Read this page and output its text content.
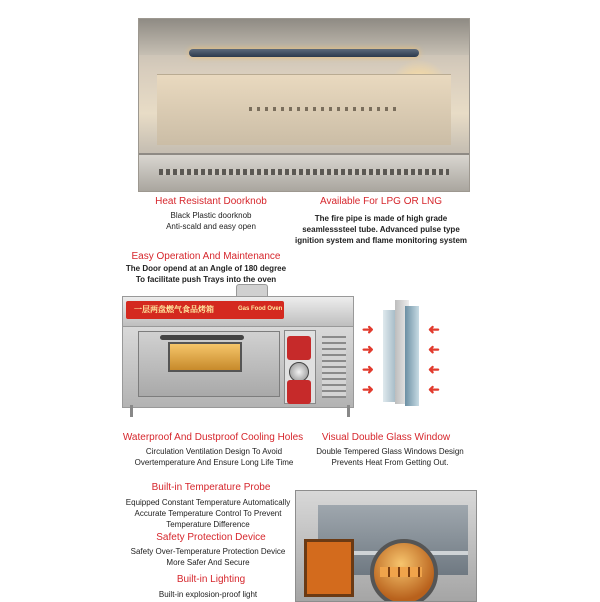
Heat Resistant Doorknob
Black Plastic doorknob
Anti-scald and easy open
Available For LPG OR LNG
The fire pipe is made of high grade
seamlesssteel tube. Advanced pulse type
ignition system and flame monitoring system
Easy Operation And Maintenance
The Door opend at an Angle of 180 degree
To facilitate push Trays into the oven
一层两盘燃气食品烤箱	Gas Food Oven
➜
➜
➜
➜
➜
➜
➜
➜
Waterproof And Dustproof Cooling Holes
Circulation Ventilation Design To Avoid
Overtemperature And Ensure Long Life Time
Visual Double Glass Window
Double Tempered Glass Windows Design
Prevents Heat From Getting Out.
Built-in Temperature Probe
Equipped Constant Temperature Automatically
Accurate Temperature Control To Prevent
Temperature Difference
Safety Protection Device
Safety Over-Temperature Protection Device
More Safer And Secure
Built-in Lighting
Built-in explosion-proof light
